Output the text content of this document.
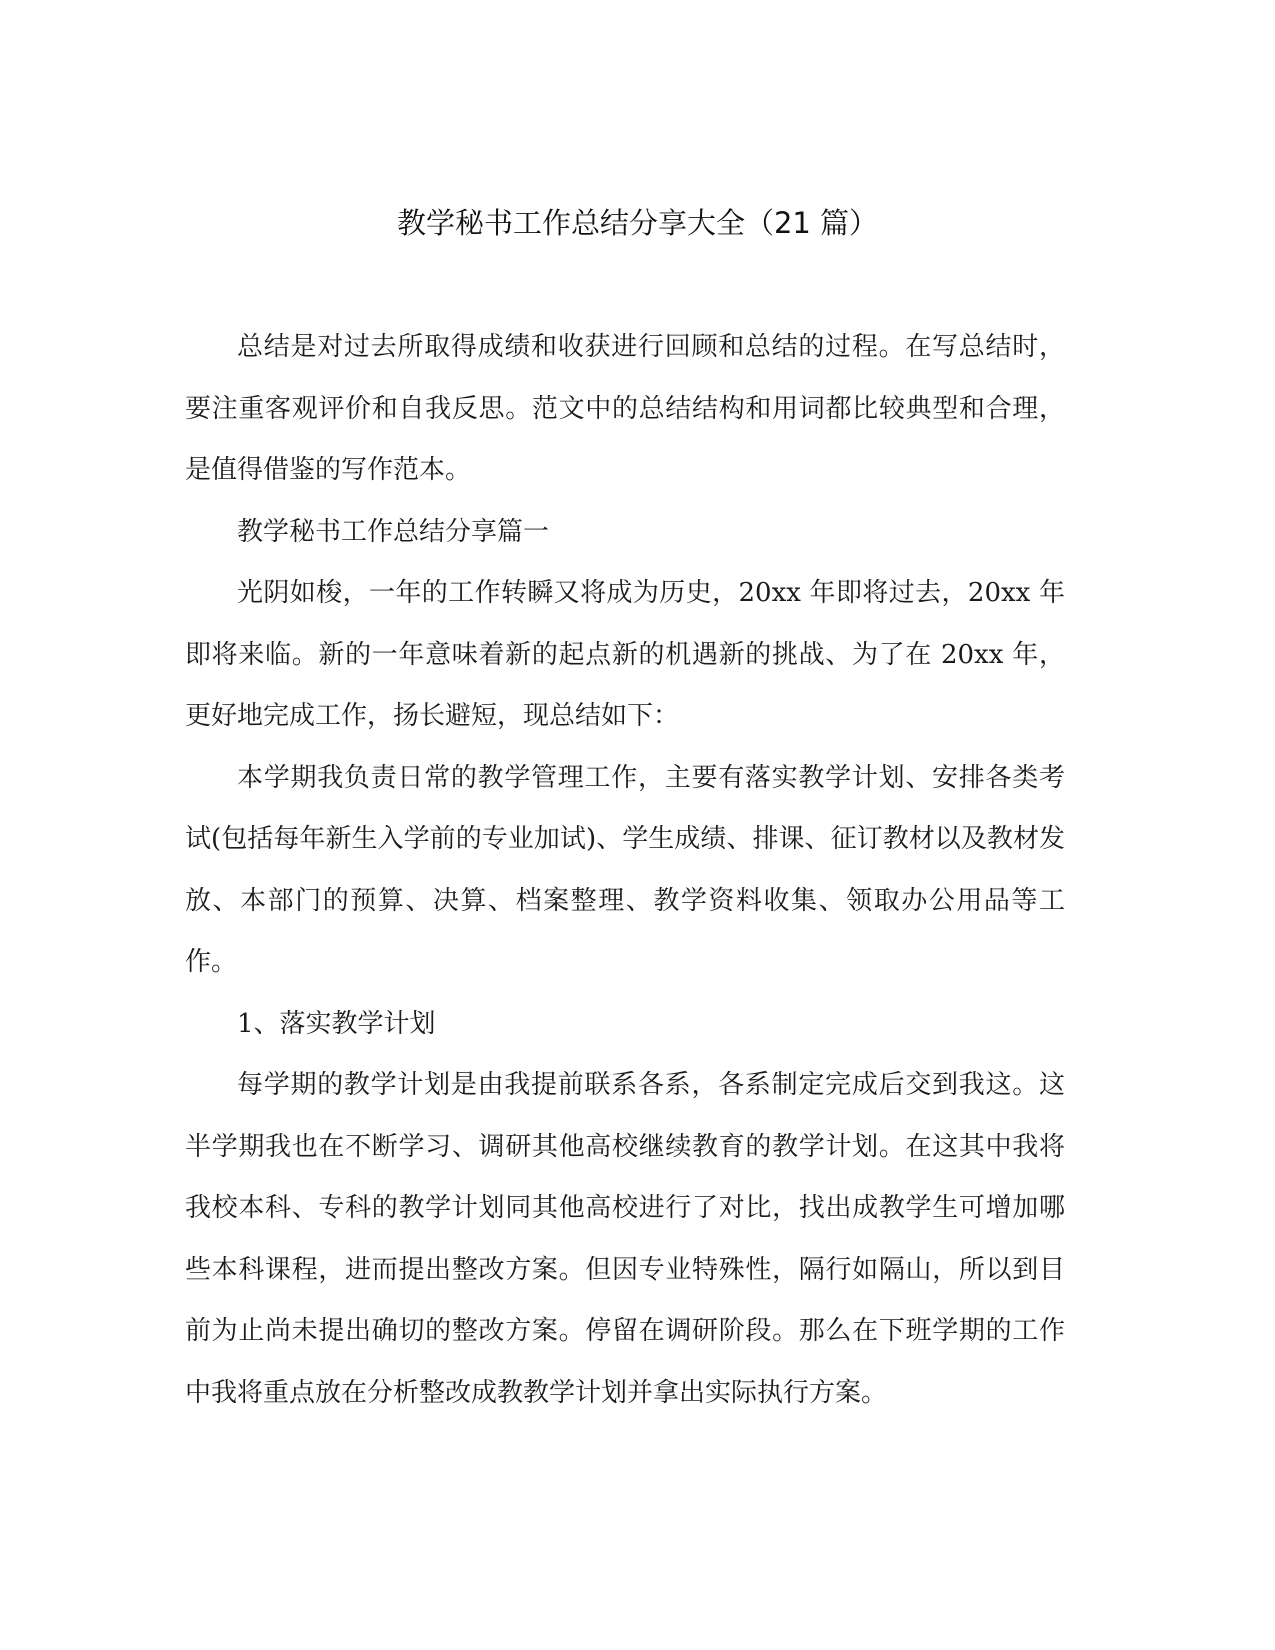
教学秘书工作总结分享大全（21 篇）

总结是对过去所取得成绩和收获进行回顾和总结的过程。在写总结时，要注重客观评价和自我反思。范文中的总结结构和用词都比较典型和合理，是值得借鉴的写作范本。

教学秘书工作总结分享篇一

光阴如梭，一年的工作转瞬又将成为历史，20xx 年即将过去，20xx 年即将来临。新的一年意味着新的起点新的机遇新的挑战、为了在 20xx 年，更好地完成工作，扬长避短，现总结如下：

本学期我负责日常的教学管理工作，主要有落实教学计划、安排各类考试(包括每年新生入学前的专业加试)、学生成绩、排课、征订教材以及教材发放、本部门的预算、决算、档案整理、教学资料收集、领取办公用品等工作。

1、落实教学计划

每学期的教学计划是由我提前联系各系，各系制定完成后交到我这。这半学期我也在不断学习、调研其他高校继续教育的教学计划。在这其中我将我校本科、专科的教学计划同其他高校进行了对比，找出成教学生可增加哪些本科课程，进而提出整改方案。但因专业特殊性，隔行如隔山，所以到目前为止尚未提出确切的整改方案。停留在调研阶段。那么在下班学期的工作中我将重点放在分析整改成教教学计划并拿出实际执行方案。
